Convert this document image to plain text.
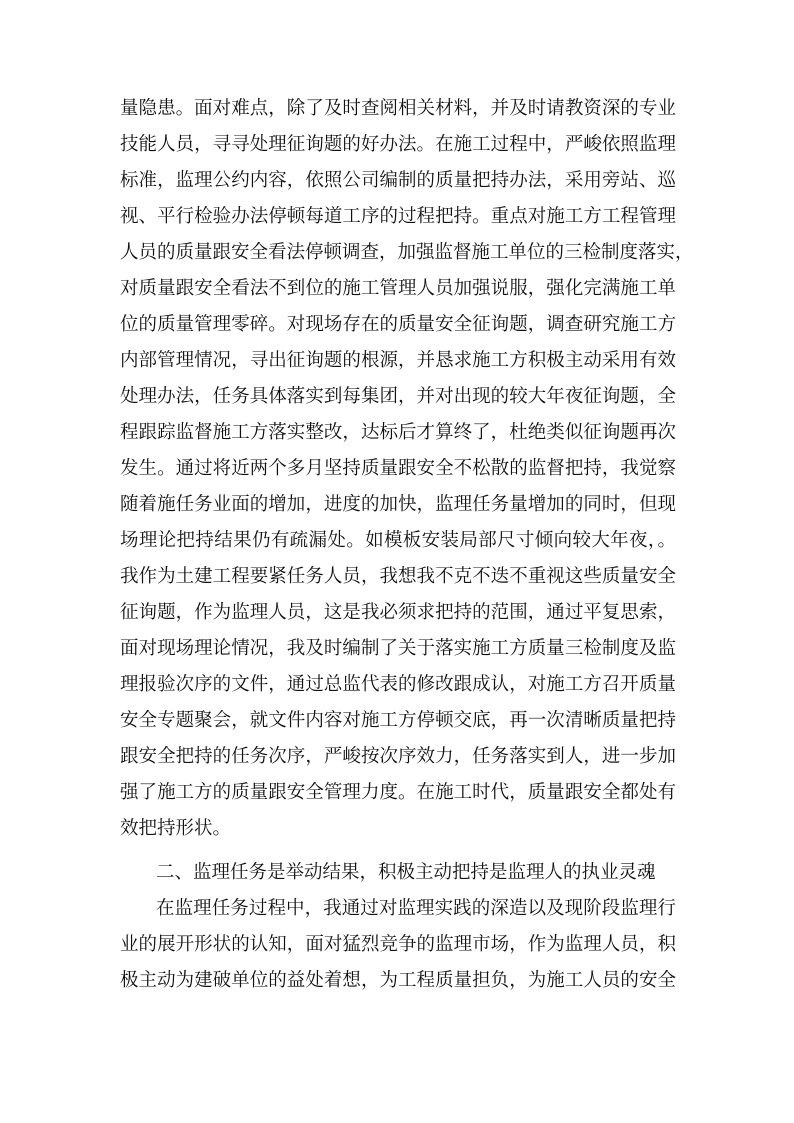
量隐患。面对难点，除了及时查阅相关材料，并及时请教资深的专业
技能人员，寻寻处理征询题的好办法。在施工过程中，严峻依照监理
标准，监理公约内容，依照公司编制的质量把持办法，采用旁站、巡
视、平行检验办法停顿每道工序的过程把持。重点对施工方工程管理
人员的质量跟安全看法停顿调查，加强监督施工单位的三检制度落实，
对质量跟安全看法不到位的施工管理人员加强说服，强化完满施工单
位的质量管理零碎。对现场存在的质量安全征询题，调查研究施工方
内部管理情况，寻出征询题的根源，并恳求施工方积极主动采用有效
处理办法，任务具体落实到每集团，并对出现的较大年夜征询题，全
程跟踪监督施工方落实整改，达标后才算终了，杜绝类似征询题再次
发生。通过将近两个多月坚持质量跟安全不松散的监督把持，我觉察
随着施任务业面的增加，进度的加快，监理任务量增加的同时，但现
场理论把持结果仍有疏漏处。如模板安装局部尺寸倾向较大年夜，。
我作为土建工程要紧任务人员，我想我不克不迭不重视这些质量安全
征询题，作为监理人员，这是我必须求把持的范围，通过平复思索，
面对现场理论情况，我及时编制了关于落实施工方质量三检制度及监
理报验次序的文件，通过总监代表的修改跟成认，对施工方召开质量
安全专题聚会，就文件内容对施工方停顿交底，再一次清晰质量把持
跟安全把持的任务次序，严峻按次序效力，任务落实到人，进一步加
强了施工方的质量跟安全管理力度。在施工时代，质量跟安全都处有
效把持形状。
二、监理任务是举动结果，积极主动把持是监理人的执业灵魂
在监理任务过程中，我通过对监理实践的深造以及现阶段监理行
业的展开形状的认知，面对猛烈竞争的监理市场，作为监理人员，积
极主动为建破单位的益处着想，为工程质量担负，为施工人员的安全
